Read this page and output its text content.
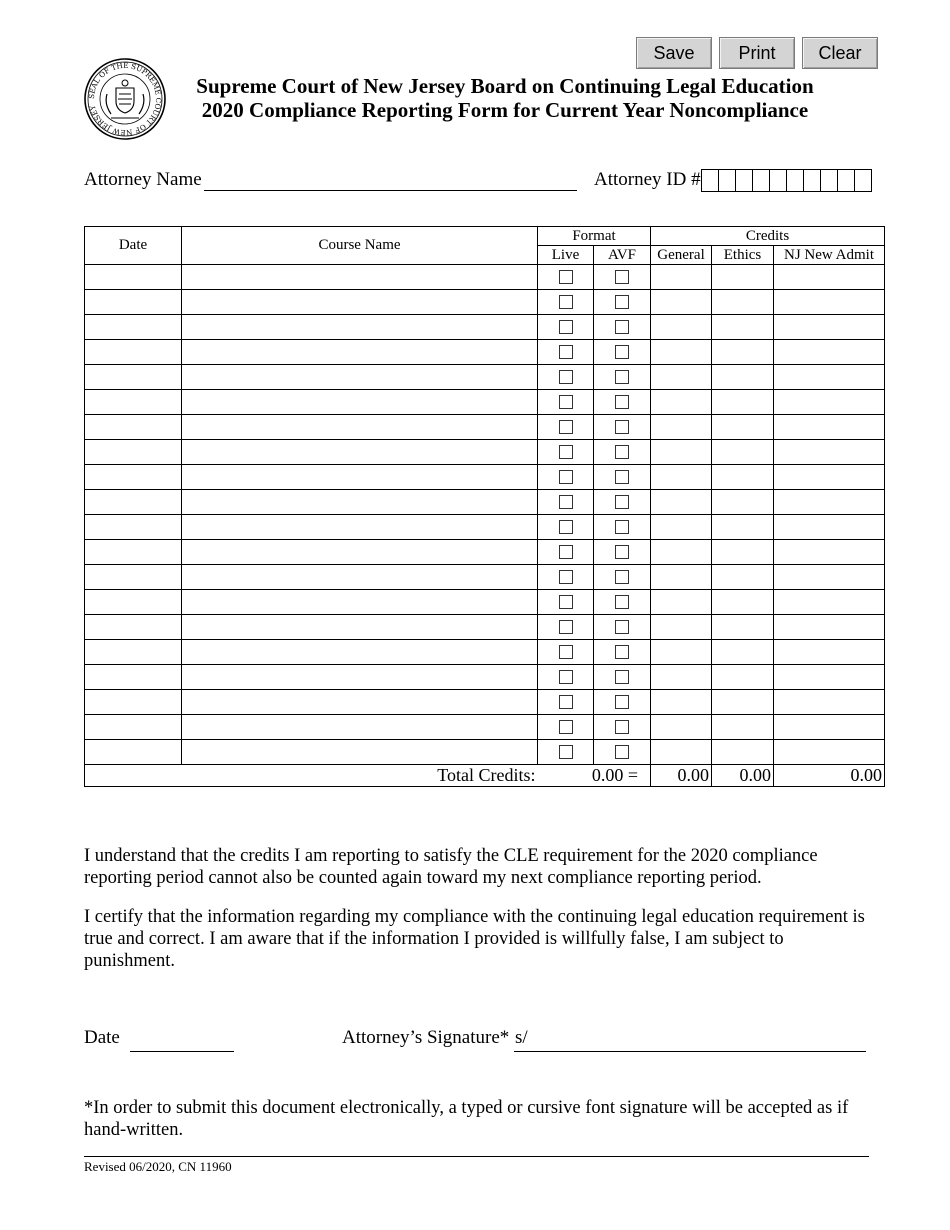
Save	Print	Clear
SEAL OF THE SUPREME COURT OF NEW JERSEY
Supreme Court of New Jersey Board on Continuing Legal Education
2020 Compliance Reporting Form for Current Year Noncompliance
Attorney Name	Attorney ID #
Date	Course Name	Format		Credits		
		Live	AVF	General	Ethics	NJ New Admit

Total Credits:		0.00 =		0.00	0.00	0.00
I understand that the credits I am reporting to satisfy the CLE requirement for the 2020 compliance reporting period cannot also be counted again toward my next compliance reporting period.
I certify that the information regarding my compliance with the continuing legal education requirement is true and correct. I am aware that if the information I provided is willfully false, I am subject to punishment.
Date	Attorney’s Signature* s/
*In order to submit this document electronically, a typed or cursive font signature will be accepted as if hand-written.
Revised 06/2020, CN 11960
